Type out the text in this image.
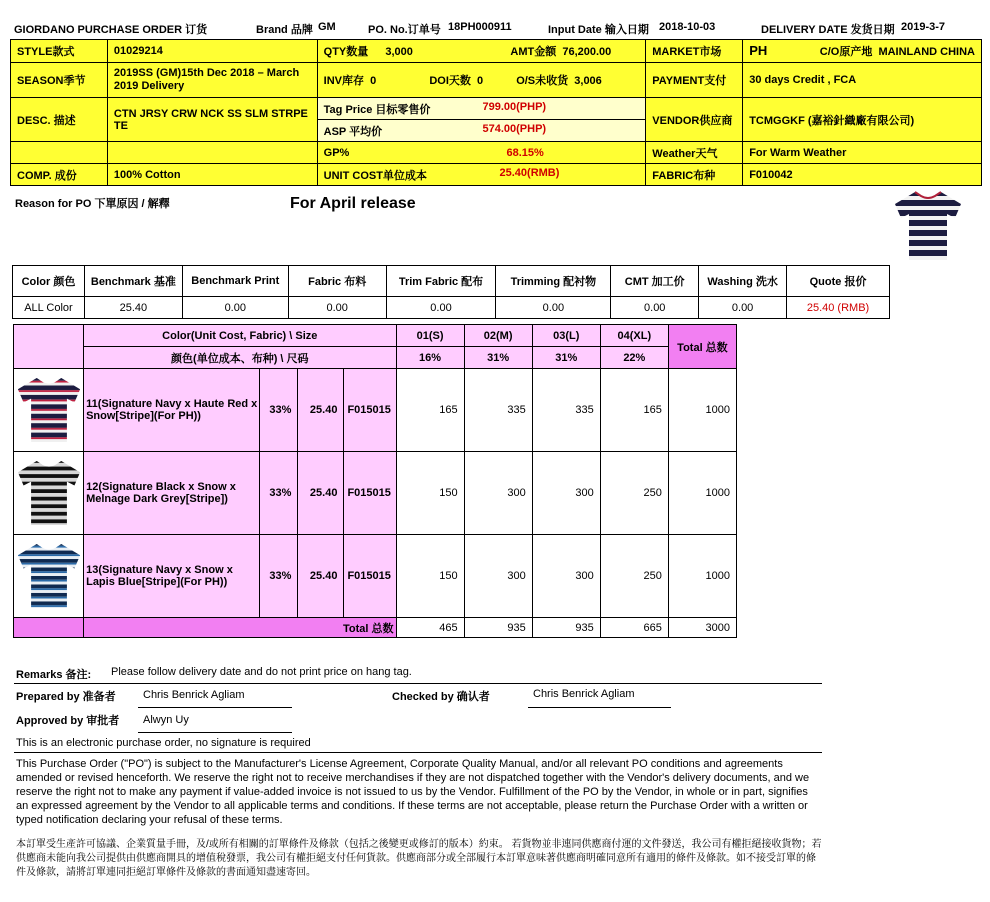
GIORDANO PURCHASE ORDER 订货	Brand 品牌 GM	PO. No.订单号 18PH000911	Input Date 输入日期 2018-10-03	DELIVERY DATE 发货日期 2019-3-7
STYLE款式	01029214	QTY数量 3,000 AMT金额 76,200.00	MARKET市场	PH C/O原产地 MAINLAND CHINA

SEASON季节	2019SS (GM)15th Dec 2018 – March 2019 Delivery	INV库存 0 DOI天数 0 O/S未收货 3,006	PAYMENT支付	30 days Credit , FCA
DESC. 描述	CTN JRSY CRW NCK SS SLM STRPE TE	Tag Price 目标零售价 799.00(PHP)	VENDOR供应商	TCMGGKF (嘉裕針織廠有限公司)
		ASP 平均价 574.00(PHP)		

		GP% 68.15%	Weather天气	For Warm Weather
COMP. 成份	100% Cotton	UNIT COST单位成本 25.40(RMB)	FABRIC布种	F010042
Reason for PO 下單原因 / 解釋	For April release
Color 颜色	Benchmark 基准	Benchmark Print	Fabric 布料	Trim Fabric 配布	Trimming 配衬物	CMT 加工价	Washing 洗水	Quote 报价
ALL Color	25.40	0.00	0.00	0.00	0.00	0.00	0.00	25.40 (RMB)
	Color(Unit Cost, Fabric) \ Size				01(S)	02(M)	03(L)	04(XL)	Total 总数
	颜色(单位成本、布种) \ 尺码				16%	31%	31%	22%	

	11(Signature Navy x Haute Red x Snow[Stripe](For PH))	33%	25.40	F015015	165	335	335	165	1000

	12(Signature Black x Snow x Melnage Dark Grey[Stripe])	33%	25.40	F015015	150	300	300	250	1000

	13(Signature Navy x Snow x Lapis Blue[Stripe](For PH))	33%	25.40	F015015	150	300	300	250	1000
	Total 总数				465	935	935	665	3000
Remarks 备注: Please follow delivery date and do not print price on hang tag.
Prepared by 准备者 Chris Benrick Agliam	Checked by 确认者	Chris Benrick Agliam
Approved by 审批者 Alwyn Uy
This is an electronic purchase order, no signature is required
This Purchase Order ("PO") is subject to the Manufacturer's License Agreement, Corporate Quality Manual, and/or all relevant PO conditions and agreements amended or revised henceforth. We reserve the right not to receive merchandises if they are not dispatched together with the Vendor's delivery documents, and we reserve the right not to make any payment if value-added invoice is not issued to us by the Vendor. Fulfillment of the PO by the Vendor, in whole or in part, signifies an expressed agreement by the Vendor to all applicable terms and conditions. If these terms are not acceptable, please return the Purchase Order with a written or typed notification declaring your refusal of these terms.
本訂單受生產許可協議、企業質量手冊，及/或所有相關的訂單條件及條款（包括之後變更或修訂的版本）約束。 若貨物並非連同供應商付運的文件發送，我公司有權拒絕接收貨物；若供應商未能向我公司提供由供應商開具的增值稅發票，我公司有權拒絕支付任何貨款。供應商部分或全部履行本訂單意味著供應商明確同意所有適用的條件及條款。如不接受訂單的條件及條款，請將訂單連同拒絕訂單條件及條款的書面通知盡速寄回。
